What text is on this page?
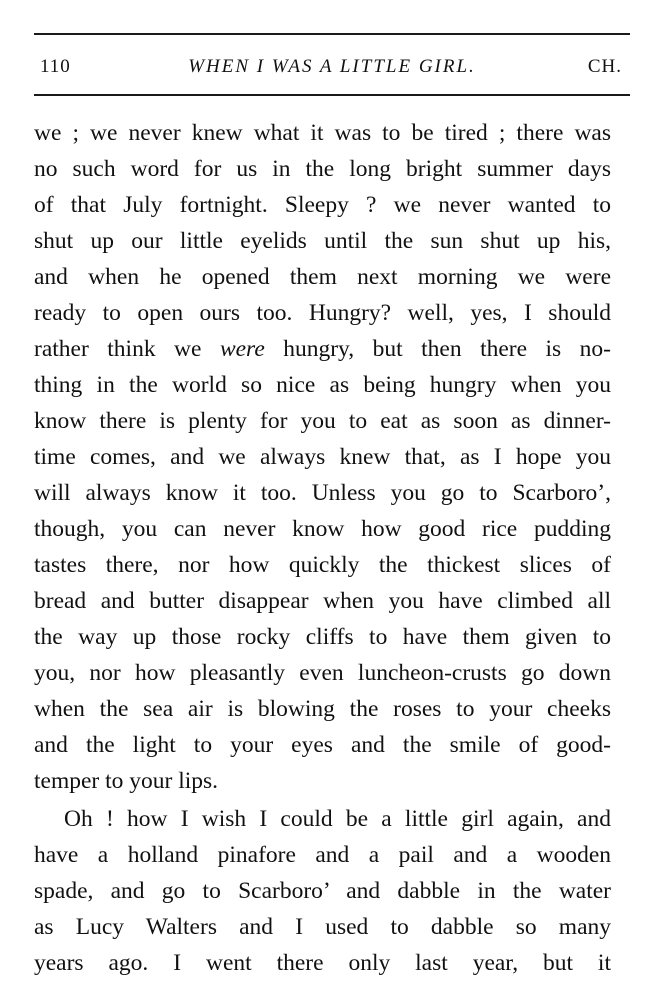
110	WHEN I WAS A LITTLE GIRL.	CH.
we ; we never knew what it was to be tired ; there was
no such word for us in the long bright summer days
of that July fortnight. Sleepy ? we never wanted to
shut up our little eyelids until the sun shut up his,
and when he opened them next morning we were
ready to open ours too. Hungry? well, yes, I should
rather think we were hungry, but then there is no-
thing in the world so nice as being hungry when you
know there is plenty for you to eat as soon as dinner-
time comes, and we always knew that, as I hope you
will always know it too. Unless you go to Scarboro’,
though, you can never know how good rice pudding
tastes there, nor how quickly the thickest slices of
bread and butter disappear when you have climbed all
the way up those rocky cliffs to have them given to
you, nor how pleasantly even luncheon-crusts go down
when the sea air is blowing the roses to your cheeks
and the light to your eyes and the smile of good-
temper to your lips.
Oh ! how I wish I could be a little girl again, and
have a holland pinafore and a pail and a wooden
spade, and go to Scarboro’ and dabble in the water
as Lucy Walters and I used to dabble so many
years ago. I went there only last year, but it
